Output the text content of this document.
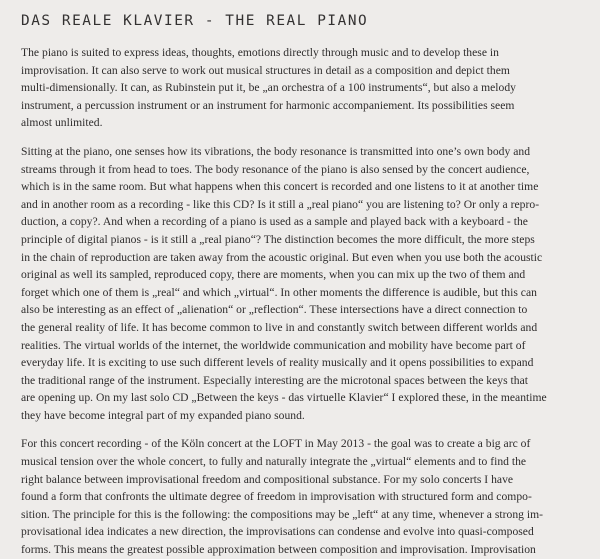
DAS REALE KLAVIER - THE REAL PIANO

The piano is suited to express ideas, thoughts, emotions directly through music and to develop these in
improvisation. It can also serve to work out musical structures in detail as a composition and depict them
multi-dimensionally. It can, as Rubinstein put it, be „an orchestra of a 100 instruments“, but also a melody
instrument, a percussion instrument or an instrument for harmonic accompaniement. Its possibilities seem
almost unlimited.

Sitting at the piano, one senses how its vibrations, the body resonance is transmitted into one’s own body and
streams through it from head to toes. The body resonance of the piano is also sensed by the concert audience,
which is in the same room. But what happens when this concert is recorded and one listens to it at another time
and in another room as a recording - like this CD? Is it still a „real piano“ you are listening to? Or only a repro-
duction, a copy?. And when a recording of a piano is used as a sample and played back with a keyboard - the
principle of digital pianos - is it still a „real piano“? The distinction becomes the more difficult, the more steps
in the chain of reproduction are taken away from the acoustic original. But even when you use both the acoustic
original as well its sampled, reproduced copy, there are moments, when you can mix up the two of them and
forget which one of them is „real“ and which „virtual“. In other moments the difference is audible, but this can
also be interesting as an effect of „alienation“ or „reflection“. These intersections have a direct connection to
the general reality of life. It has become common to live in and constantly switch between different worlds and
realities. The virtual worlds of the internet, the worldwide communication and mobility have become part of
everyday life. It is exciting to use such different levels of reality musically and it opens possibilities to expand
the traditional range of the instrument. Especially interesting are the microtonal spaces between the keys that
are opening up. On my last solo CD „Between the keys - das virtuelle Klavier“ I explored these, in the meantime
they have become integral part of my expanded piano sound.

For this concert recording - of the Köln concert at the LOFT in May 2013 - the goal was to create a big arc of
musical tension over the whole concert, to fully and naturally integrate the „virtual“ elements and to find the
right balance between improvisational freedom and compositional substance. For my solo concerts I have
found a form that confronts the ultimate degree of freedom in improvisation with structured form and compo-
sition. The principle for this is the following: the compositions may be „left“ at any time, whenever a strong im-
provisational idea indicates a new direction, the improvisations can condense and evolve into quasi-composed
forms. This means the greatest possible approximation between composition and improvisation. Improvisation
